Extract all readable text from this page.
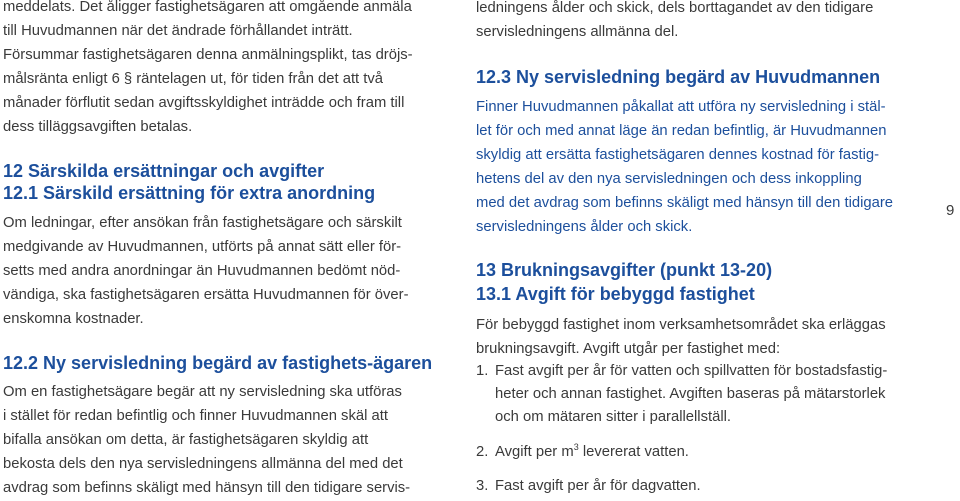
meddelats. Det åligger fastighetsägaren att omgående anmäla
till Huvudmannen när det ändrade förhållandet inträtt.
Försummar fastighetsägaren denna anmälningsplikt, tas dröjs-
målsränta enligt 6 § räntelagen ut, för tiden från det att två
månader förflutit sedan avgiftsskyldighet inträdde och fram till
dess tilläggsavgiften betalas.
12 Särskilda ersättningar och avgifter
12.1 Särskild ersättning för extra anordning
Om ledningar, efter ansökan från fastighetsägare och särskilt
medgivande av Huvudmannen, utförts på annat sätt eller för-
setts med andra anordningar än Huvudmannen bedömt nöd-
vändiga, ska fastighetsägaren ersätta Huvudmannen för över-
enskomna kostnader.
12.2 Ny servisledning begärd av fastighets-ägaren
Om en fastighetsägare begär att ny servisledning ska utföras
i stället för redan befintlig och finner Huvudmannen skäl att
bifalla ansökan om detta, är fastighetsägaren skyldig att
bekosta dels den nya servisledningens allmänna del med det
avdrag som befinns skäligt med hänsyn till den tidigare servis-
ledningens ålder och skick, dels borttagandet av den tidigare
servisledningens allmänna del.
12.3 Ny servisledning begärd av Huvudmannen
Finner Huvudmannen påkallat att utföra ny servisledning i stäl-
let för och med annat läge än redan befintlig, är Huvudmannen
skyldig att ersätta fastighetsägaren dennes kostnad för fastig-
hetens del av den nya servisledningen och dess inkoppling
med det avdrag som befinns skäligt med hänsyn till den tidigare
servisledningens ålder och skick.
13 Brukningsavgifter (punkt 13-20)
13.1 Avgift för bebyggd fastighet
För bebyggd fastighet inom verksamhetsområdet ska erläggas
brukningsavgift. Avgift utgår per fastighet med:
1. Fast avgift per år för vatten och spillvatten för bostadsfastig-
heter och annan fastighet. Avgiften baseras på mätarstorlek
och om mätaren sitter i parallellställ.
2. Avgift per $m^3$ levererat vatten.
3. Fast avgift per år för dagvatten.
9
